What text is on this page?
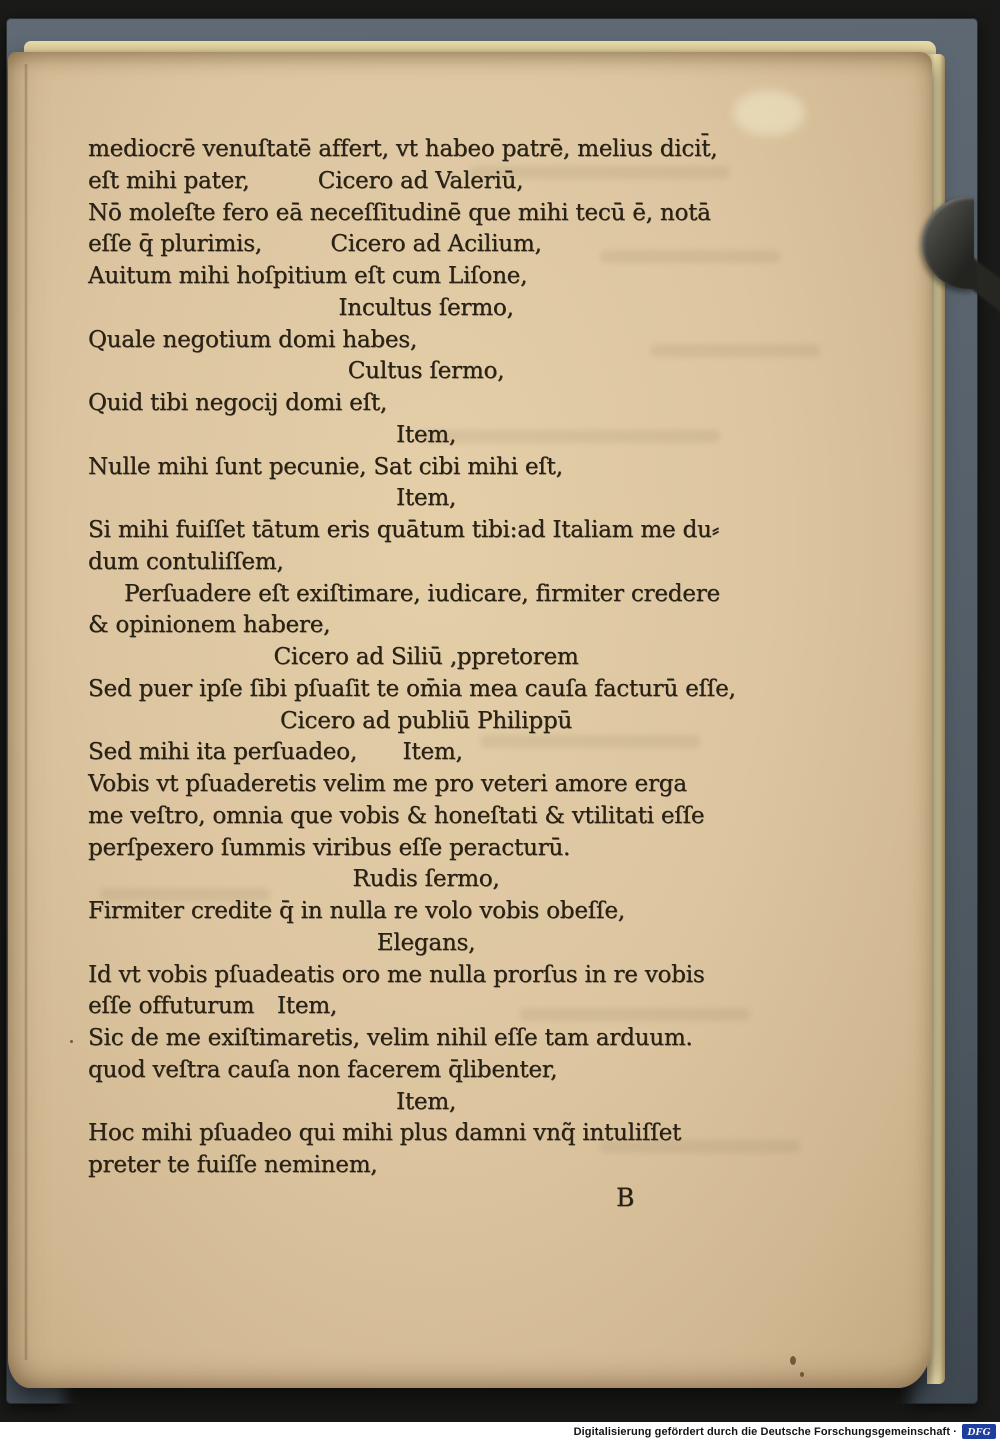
mediocrē venuſtatē affert, vt habeo patrē, melius dicit̄,
eſt mihi pater,   Cicero ad Valeriū,
Nō moleſte fero eā neceſſitudinē que mihi tecū ē, notā
eſſe q̄ plurimis,   Cicero ad Acilium,
Auitum mihi hoſpitium eſt cum Liſone,
Incultus ſermo,
Quale negotium domi habes,
Cultus ſermo,
Quid tibi negocij domi eſt,
Item,
Nulle mihi ſunt pecunie, Sat cibi mihi eſt,
Item,
Si mihi fuiſſet tātum eris quātum tibi:ad Italiam me du⸗
dum contuliſſem,
Perſuadere eſt exiſtimare, iudicare, firmiter credere
& opinionem habere,
Cicero ad Siliū ‚ppretorem
Sed puer ipſe ſibi pſuaſit te om̄ia mea cauſa facturū eſſe,
Cicero ad publiū Philippū
Sed mihi ita perſuadeo,  Item,
Vobis vt pſuaderetis velim me pro veteri amore erga
me veſtro, omnia que vobis & honeſtati & vtilitati eſſe
perſpexero ſummis viribus eſſe peracturū.
Rudis ſermo,
Firmiter credite q̄ in nulla re volo vobis obeſſe,
Elegans,
Id vt vobis pſuadeatis oro me nulla prorſus in re vobis
eſſe offuturum Item,
Sic de me exiſtimaretis, velim nihil eſſe tam arduum.
quod veſtra cauſa non facerem q̄libenter,
Item,
Hoc mihi pſuadeo qui mihi plus damni vnq̃ intuliſſet
preter te fuiſſe neminem,
B
Digitalisierung gefördert durch die Deutsche Forschungsgemeinschaft · DFG
